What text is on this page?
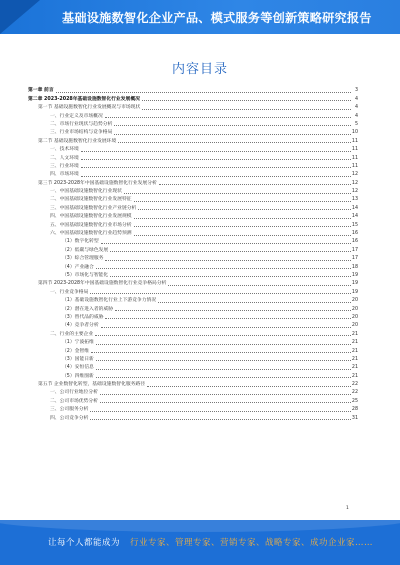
基础设施数智化企业产品、模式服务等创新策略研究报告
内容目录
第一章 前言	3
第二章 2023-2028年基础设施数智化行业发展概况	4
第一节 基础设施数智化行业发展概况与市场现状	4
一、行业定义及市场概况	4
二、市场行业现状与趋势分析	5
三、行业市场结构与竞争格局	10
第二节 基础设施数智化行业发展环境	11
一、技术环境	11
二、人文环境	11
三、行业环境	11
四、市场环境	12
第三节 2023-2028年中国基础设施数智化行业发展分析	12
一、中国基础设施数智化行业现状	12
二、中国基础设施数智化行业发展特征	13
三、中国基础设施数智化行业产业链分析	14
四、中国基础设施数智化行业发展规模	14
五、中国基础设施数智化行业市场分析	15
六、中国基础设施数智化行业趋势预测	16
（1）数字化转型	16
（2）低碳与绿色发展	17
（3）综合管理服务	17
（4）产业融合	18
（5）市场化与智能化	19
第四节 2023-2028年中国基础设施数智化行业竞争格局分析	19
一、行业竞争格局	19
（1）基础设施数智化行业上下游竞争力情况	20
（2）潜在进入者的威胁	20
（3）替代品的威胁	20
（4）竞争者分析	20
二、行业的主要企业	21
（1）宁波拓维	21
（2）金智维	21
（3）国能日新	21
（4）安恒信息	21
（5）四维图新	21
第五节 企业数智化转型，基础设施数智化服务路径	22
一、公司行业地位分析	22
二、公司市场优势分析	25
三、公司服务分析	28
四、公司竞争分析	31
1
让每个人都能成为 行业专家、管理专家、营销专家、战略专家、成功企业家……
